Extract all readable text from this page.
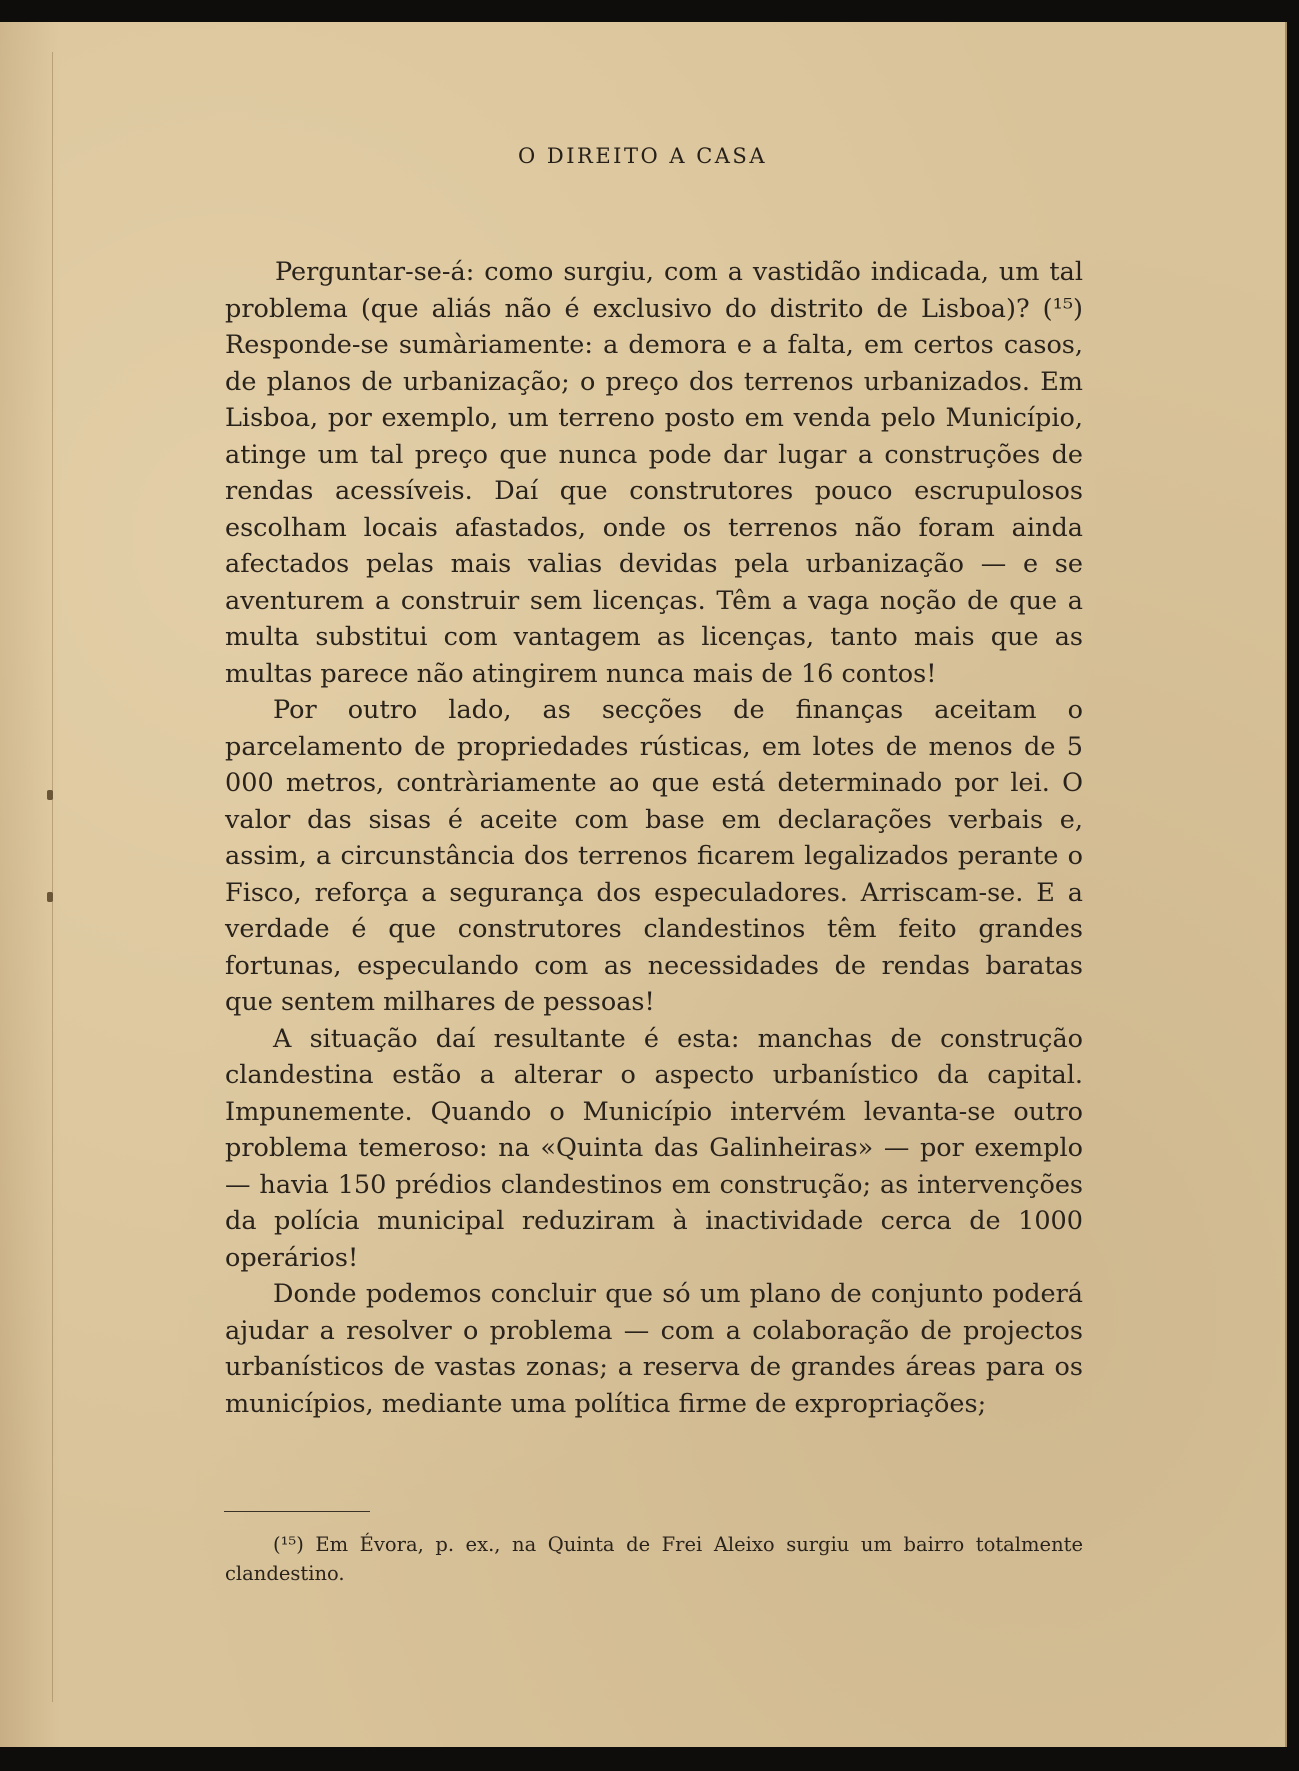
O DIREITO A CASA

Perguntar-se-á: como surgiu, com a vastidão indicada, um tal problema (que aliás não é exclusivo do distrito de Lisboa)? (¹⁵) Responde-se sumàriamente: a demora e a falta, em certos casos, de planos de urbanização; o preço dos terrenos urbanizados. Em Lisboa, por exemplo, um terreno posto em venda pelo Município, atinge um tal preço que nunca pode dar lugar a construções de rendas acessíveis. Daí que construtores pouco escrupulosos escolham locais afastados, onde os terrenos não foram ainda afectados pelas mais valias devidas pela urbanização — e se aventurem a construir sem licenças. Têm a vaga noção de que a multa substitui com vantagem as licenças, tanto mais que as multas parece não atingirem nunca mais de 16 contos!

Por outro lado, as secções de finanças aceitam o parcelamento de propriedades rústicas, em lotes de menos de 5 000 metros, contràriamente ao que está determinado por lei. O valor das sisas é aceite com base em declarações verbais e, assim, a circunstância dos terrenos ficarem legalizados perante o Fisco, reforça a segurança dos especuladores. Arriscam-se. E a verdade é que construtores clandestinos têm feito grandes fortunas, especulando com as necessidades de rendas baratas que sentem milhares de pessoas!

A situação daí resultante é esta: manchas de construção clandestina estão a alterar o aspecto urbanístico da capital. Impunemente. Quando o Município intervém levanta-se outro problema temeroso: na «Quinta das Galinheiras» — por exemplo — havia 150 prédios clandestinos em construção; as intervenções da polícia municipal reduziram à inactividade cerca de 1000 operários!

Donde podemos concluir que só um plano de conjunto poderá ajudar a resolver o problema — com a colaboração de projectos urbanísticos de vastas zonas; a reserva de grandes áreas para os municípios, mediante uma política firme de expropriações;

(¹⁵) Em Évora, p. ex., na Quinta de Frei Aleixo surgiu um bairro totalmente clandestino.
